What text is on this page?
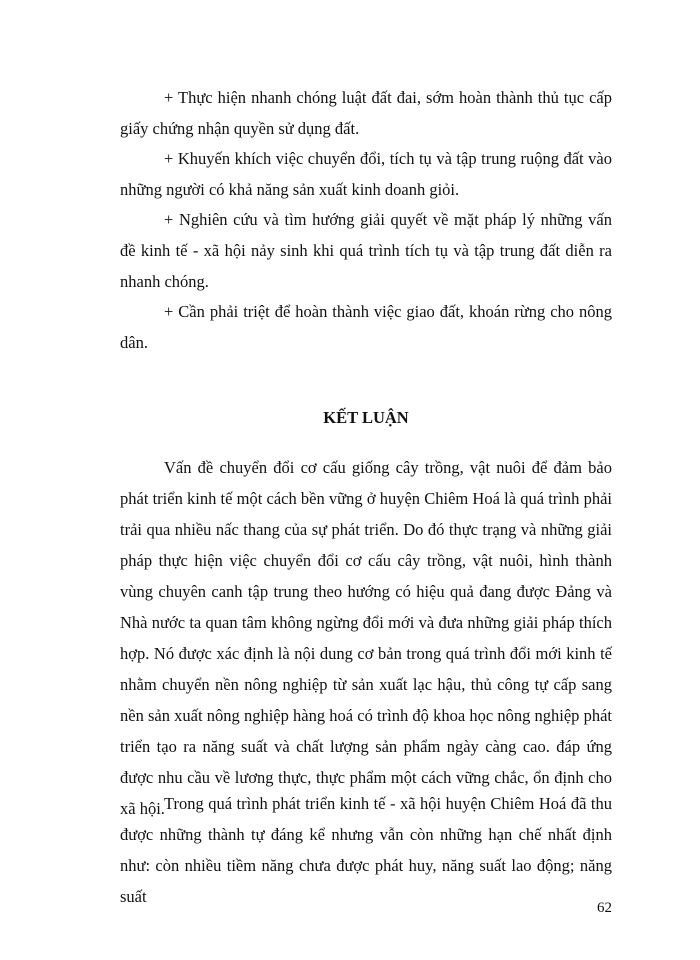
+ Thực hiện nhanh chóng luật đất đai, sớm hoàn thành thủ tục cấp giấy chứng nhận quyền sử dụng đất.

+ Khuyến khích việc chuyển đổi, tích tụ và tập trung ruộng đất vào những người có khả năng sản xuất kinh doanh giỏi.

+ Nghiên cứu và tìm hướng giải quyết về mặt pháp lý những vấn đề kinh tế - xã hội nảy sinh khi quá trình tích tụ và tập trung đất diễn ra nhanh chóng.

+ Cần phải triệt để hoàn thành việc giao đất, khoán rừng cho nông dân.

KẾT LUẬN

Vấn đề chuyển đổi cơ cấu giống cây trồng, vật nuôi để đảm bảo phát triển kinh tế một cách bền vững ở huyện Chiêm Hoá là quá trình phải trải qua nhiều nấc thang của sự phát triển. Do đó thực trạng và những giải pháp thực hiện việc chuyển đổi cơ cấu cây trồng, vật nuôi, hình thành vùng chuyên canh tập trung theo hướng có hiệu quả đang được Đảng và Nhà nước ta quan tâm không ngừng đổi mới và đưa những giải pháp thích hợp. Nó được xác định là nội dung cơ bản trong quá trình đổi mới kinh tế nhằm chuyển nền nông nghiệp từ sản xuất lạc hậu, thủ công tự cấp sang nền sản xuất nông nghiệp hàng hoá có trình độ khoa học nông nghiệp phát triển tạo ra năng suất và chất lượng sản phẩm ngày càng cao. đáp ứng được nhu cầu về lương thực, thực phẩm một cách vững chắc, ổn định cho xã hội. Trong quá trình phát triển kinh tế - xã hội huyện Chiêm Hoá đã thu được những thành tự đáng kể nhưng vẫn còn những hạn chế nhất định như: còn nhiều tiềm năng chưa được phát huy, năng suất lao động; năng suất

62
